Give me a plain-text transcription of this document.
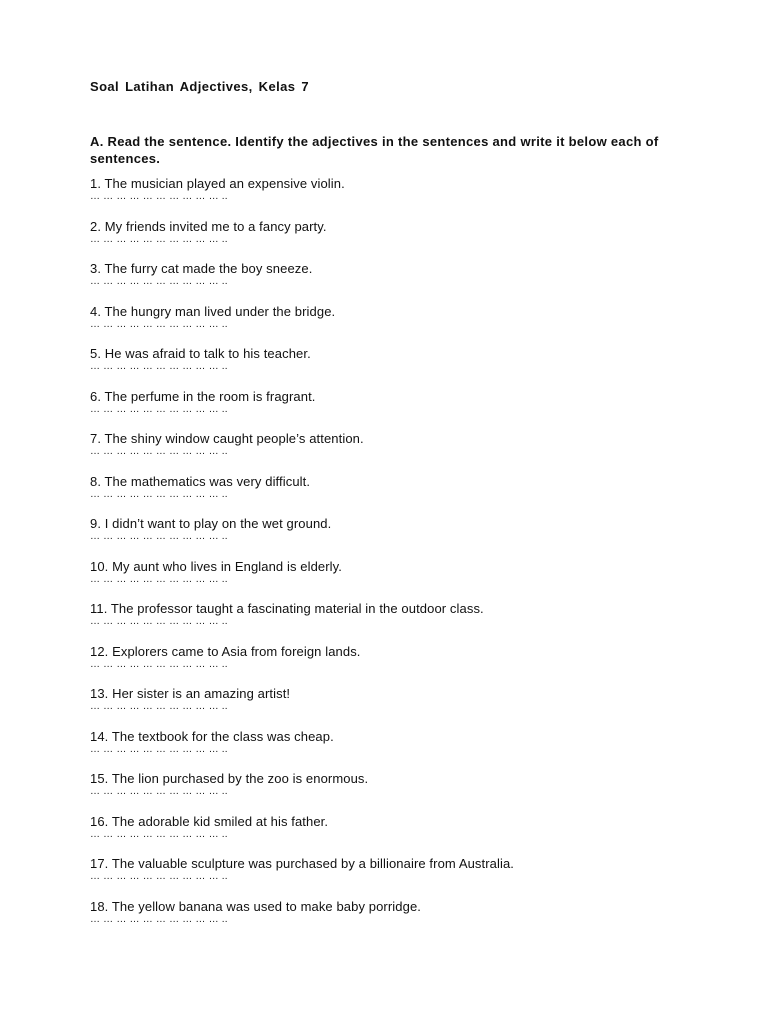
Soal Latihan Adjectives, Kelas 7
A. Read the sentence. Identify the adjectives in the sentences and write it below each of sentences.
1. The musician played an expensive violin.
… … … … … … … … … … ..
2. My friends invited me to a fancy party.
… … … … … … … … … … ..
3. The furry cat made the boy sneeze.
… … … … … … … … … … ..
4. The hungry man lived under the bridge.
… … … … … … … … … … ..
5. He was afraid to talk to his teacher.
… … … … … … … … … … ..
6. The perfume in the room is fragrant.
… … … … … … … … … … ..
7. The shiny window caught people’s attention.
… … … … … … … … … … ..
8. The mathematics was very difficult.
… … … … … … … … … … ..
9. I didn’t want to play on the wet ground.
… … … … … … … … … … ..
10. My aunt who lives in England is elderly.
… … … … … … … … … … ..
11. The professor taught a fascinating material in the outdoor class.
… … … … … … … … … … ..
12. Explorers came to Asia from foreign lands.
… … … … … … … … … … ..
13. Her sister is an amazing artist!
… … … … … … … … … … ..
14. The textbook for the class was cheap.
… … … … … … … … … … ..
15. The lion purchased by the zoo is enormous.
… … … … … … … … … … ..
16. The adorable kid smiled at his father.
… … … … … … … … … … ..
17. The valuable sculpture was purchased by a billionaire from Australia.
… … … … … … … … … … ..
18. The yellow banana was used to make baby porridge.
… … … … … … … … … … ..
